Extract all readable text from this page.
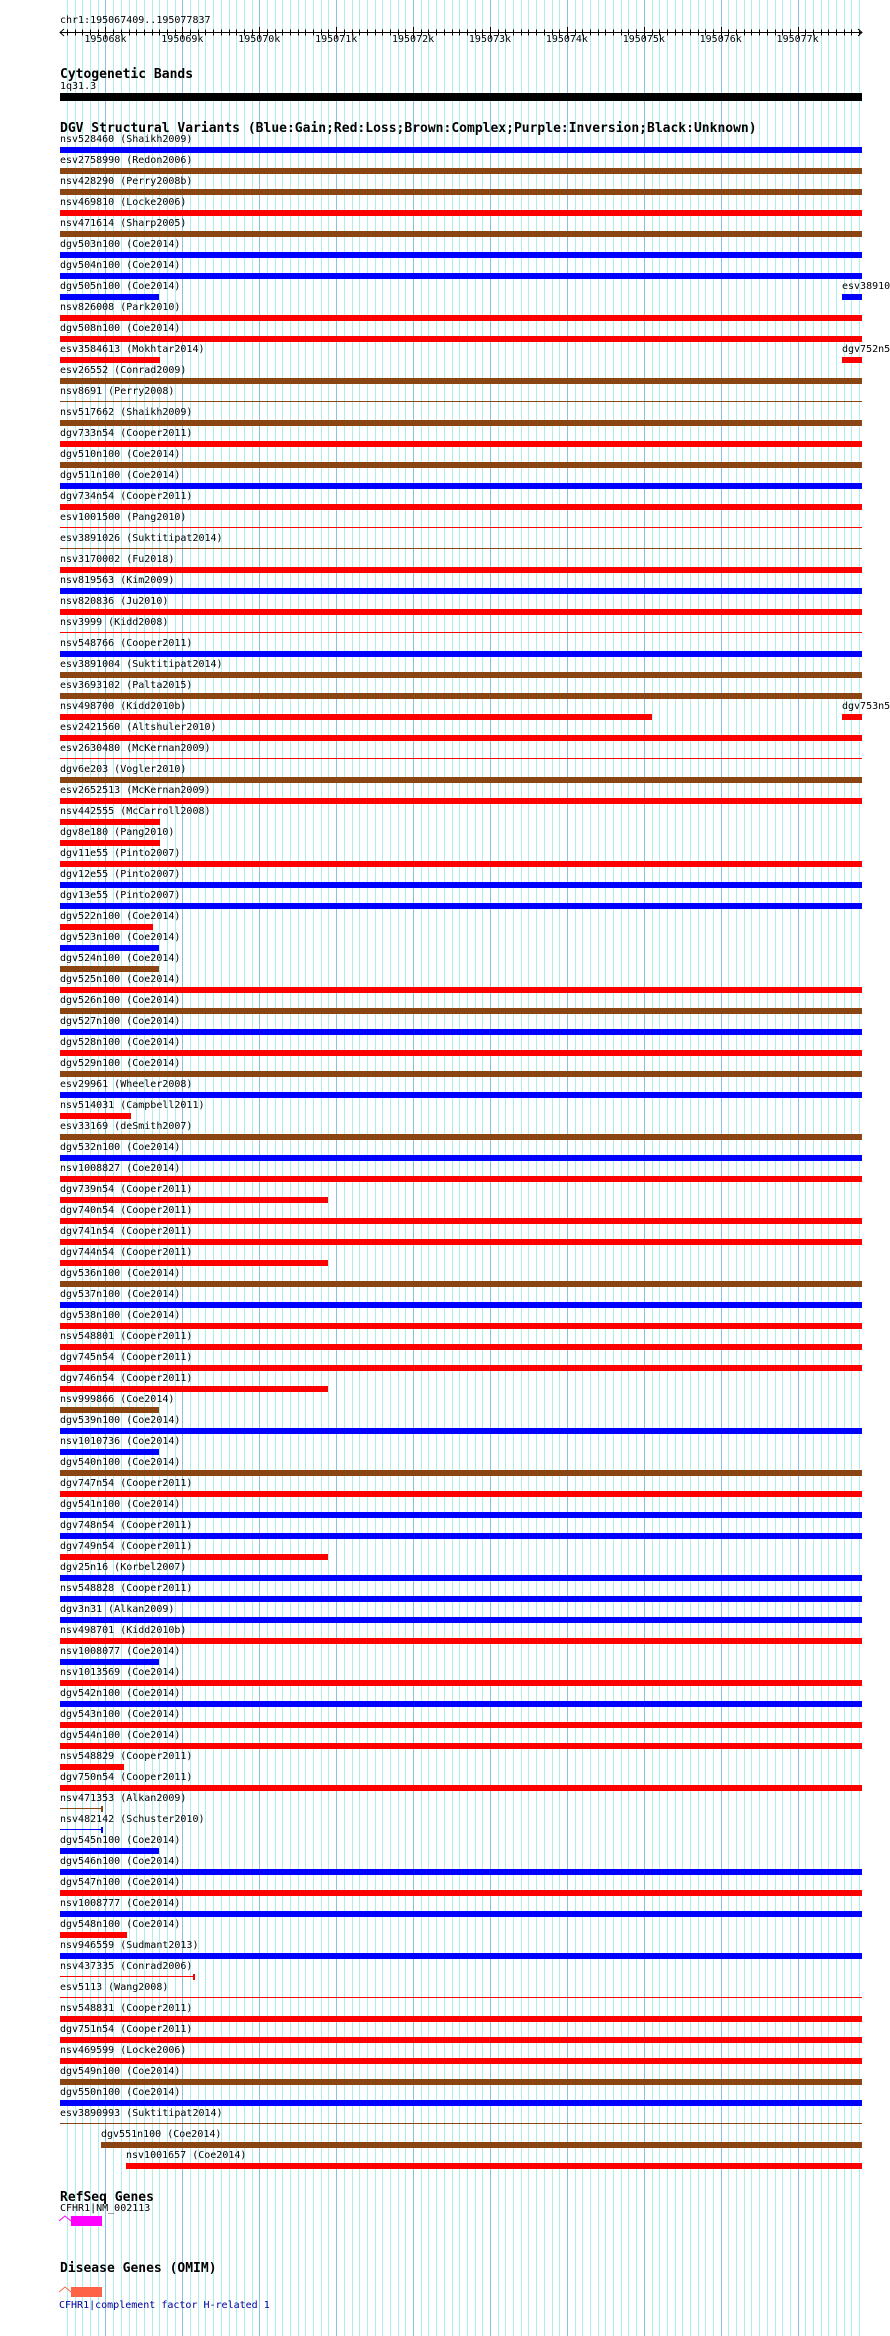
chr1:195067409..195077837
195068k	195069k	195070k	195071k	195072k	195073k	195074k	195075k	195076k	195077k
Cytogenetic Bands
1q31.3
DGV Structural Variants (Blue:Gain;Red:Loss;Brown:Complex;Purple:Inversion;Black:Unknown)
nsv528460 (Shaikh2009)
esv2758990 (Redon2006)
nsv428290 (Perry2008b)
nsv469810 (Locke2006)
nsv471614 (Sharp2005)
dgv503n100 (Coe2014)
dgv504n100 (Coe2014)
dgv505n100 (Coe2014)	esv38910
nsv826008 (Park2010)
dgv508n100 (Coe2014)
esv3584613 (Mokhtar2014)	dgv752n5
esv26552 (Conrad2009)
nsv8691 (Perry2008)
nsv517662 (Shaikh2009)
dgv733n54 (Cooper2011)
dgv510n100 (Coe2014)
dgv511n100 (Coe2014)
dgv734n54 (Cooper2011)
esv1001500 (Pang2010)
esv3891026 (Suktitipat2014)
nsv3170002 (Fu2018)
nsv819563 (Kim2009)
nsv820836 (Ju2010)
nsv3999 (Kidd2008)
nsv548766 (Cooper2011)
esv3891004 (Suktitipat2014)
esv3693102 (Palta2015)
nsv498700 (Kidd2010b)	dgv753n5
esv2421560 (Altshuler2010)
esv2630480 (McKernan2009)
dgv6e203 (Vogler2010)
esv2652513 (McKernan2009)
nsv442555 (McCarroll2008)
dgv8e180 (Pang2010)
dgv11e55 (Pinto2007)
dgv12e55 (Pinto2007)
dgv13e55 (Pinto2007)
dgv522n100 (Coe2014)
dgv523n100 (Coe2014)
dgv524n100 (Coe2014)
dgv525n100 (Coe2014)
dgv526n100 (Coe2014)
dgv527n100 (Coe2014)
dgv528n100 (Coe2014)
dgv529n100 (Coe2014)
esv29961 (Wheeler2008)
nsv514031 (Campbell2011)
esv33169 (deSmith2007)
dgv532n100 (Coe2014)
nsv1008827 (Coe2014)
dgv739n54 (Cooper2011)
dgv740n54 (Cooper2011)
dgv741n54 (Cooper2011)
dgv744n54 (Cooper2011)
dgv536n100 (Coe2014)
dgv537n100 (Coe2014)
dgv538n100 (Coe2014)
nsv548801 (Cooper2011)
dgv745n54 (Cooper2011)
dgv746n54 (Cooper2011)
nsv999866 (Coe2014)
dgv539n100 (Coe2014)
nsv1010736 (Coe2014)
dgv540n100 (Coe2014)
dgv747n54 (Cooper2011)
dgv541n100 (Coe2014)
dgv748n54 (Cooper2011)
dgv749n54 (Cooper2011)
dgv25n16 (Korbel2007)
nsv548828 (Cooper2011)
dgv3n31 (Alkan2009)
nsv498701 (Kidd2010b)
nsv1008077 (Coe2014)
nsv1013569 (Coe2014)
dgv542n100 (Coe2014)
dgv543n100 (Coe2014)
dgv544n100 (Coe2014)
nsv548829 (Cooper2011)
dgv750n54 (Cooper2011)
nsv471353 (Alkan2009)
nsv482142 (Schuster2010)
dgv545n100 (Coe2014)
dgv546n100 (Coe2014)
dgv547n100 (Coe2014)
nsv1008777 (Coe2014)
dgv548n100 (Coe2014)
nsv946559 (Sudmant2013)
nsv437335 (Conrad2006)
esv5113 (Wang2008)
nsv548831 (Cooper2011)
dgv751n54 (Cooper2011)
nsv469599 (Locke2006)
dgv549n100 (Coe2014)
dgv550n100 (Coe2014)
esv3890993 (Suktitipat2014)
dgv551n100 (Coe2014)
nsv1001657 (Coe2014)
RefSeq Genes
CFHR1|NM_002113
Disease Genes (OMIM)
CFHR1|complement factor H-related 1
